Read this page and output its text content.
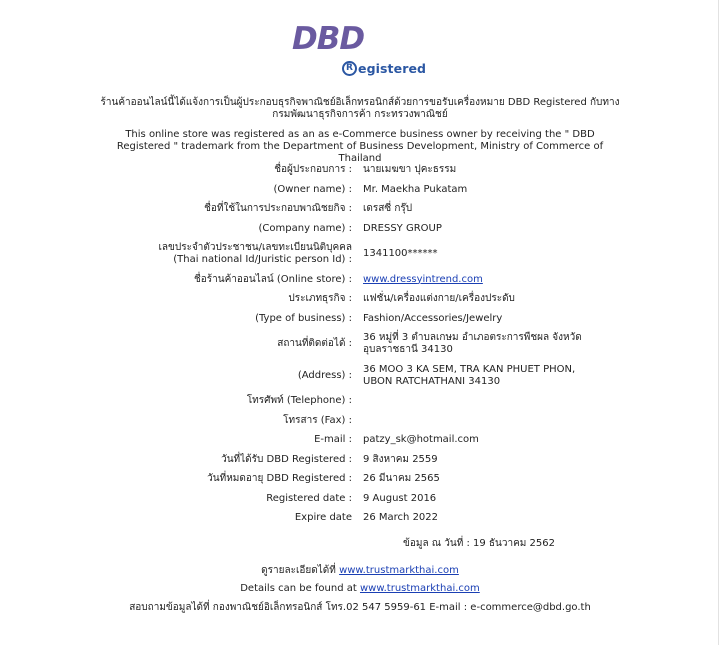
DBD
R egistered
ร้านค้าออนไลน์นี้ได้แจ้งการเป็นผู้ประกอบธุรกิจพาณิชย์อิเล็กทรอนิกส์ด้วยการขอรับเครื่องหมาย DBD Registered กับทางกรมพัฒนาธุรกิจการค้า กระทรวงพาณิชย์
This online store was registered as an as e-Commerce business owner by receiving the " DBD Registered " trademark from the Department of Business Development, Ministry of Commerce of Thailand
ชื่อผู้ประกอบการ : นายเมฆขา ปุคะธรรม
(Owner name) : Mr. Maekha Pukatam
ชื่อที่ใช้ในการประกอบพาณิชยกิจ : เดรสซี่ กรุ๊ป
(Company name) : DRESSY GROUP
เลขประจำตัวประชาชน/เลขทะเบียนนิติบุคคล
(Thai national Id/Juristic person Id) :
1341100******
ชื่อร้านค้าออนไลน์ (Online store) : www.dressyintrend.com
ประเภทธุรกิจ : แฟชั่น/เครื่องแต่งกาย/เครื่องประดับ
(Type of business) : Fashion/Accessories/Jewelry
สถานที่ติดต่อได้ :
36 หมู่ที่ 3 ตำบลเกษม อำเภอตระการพืชผล จังหวัดอุบลราชธานี 34130
(Address) :
36 MOO 3 KA SEM, TRA KAN PHUET PHON, UBON RATCHATHANI 34130
โทรศัพท์ (Telephone) :
โทรสาร (Fax) :
E-mail : patzy_sk@hotmail.com
วันที่ได้รับ DBD Registered : 9 สิงหาคม 2559
วันที่หมดอายุ DBD Registered : 26 มีนาคม 2565
Registered date : 9 August 2016
Expire date 26 March 2022
ข้อมูล ณ วันที่ : 19 ธันวาคม 2562
ดูรายละเอียดได้ที่ www.trustmarkthai.com
Details can be found at www.trustmarkthai.com
สอบถามข้อมูลได้ที่ กองพาณิชย์อิเล็กทรอนิกส์ โทร.02 547 5959-61 E-mail : e-commerce@dbd.go.th
